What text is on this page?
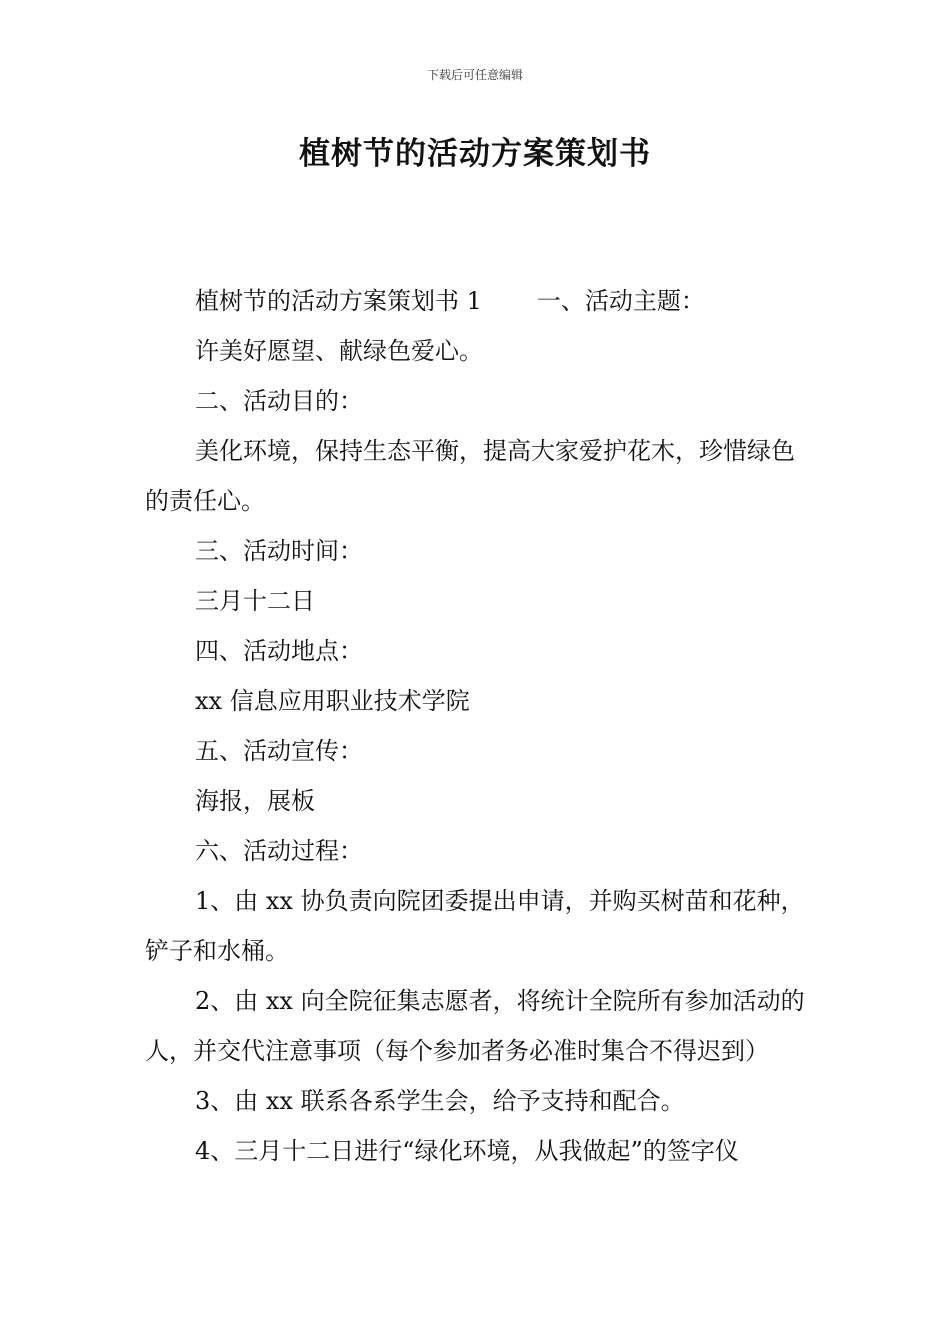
下载后可任意编辑
植树节的活动方案策划书

植树节的活动方案策划书 1 一、活动主题：

许美好愿望、献绿色爱心。

二、活动目的：

美化环境，保持生态平衡，提高大家爱护花木，珍惜绿色的责任心。

三、活动时间：

三月十二日

四、活动地点：

xx 信息应用职业技术学院

五、活动宣传：

海报，展板

六、活动过程：

1、由 xx 协负责向院团委提出申请，并购买树苗和花种，铲子和水桶。

2、由 xx 向全院征集志愿者，将统计全院所有参加活动的人，并交代注意事项（每个参加者务必准时集合不得迟到）

3、由 xx 联系各系学生会，给予支持和配合。

4、三月十二日进行“绿化环境，从我做起”的签字仪
